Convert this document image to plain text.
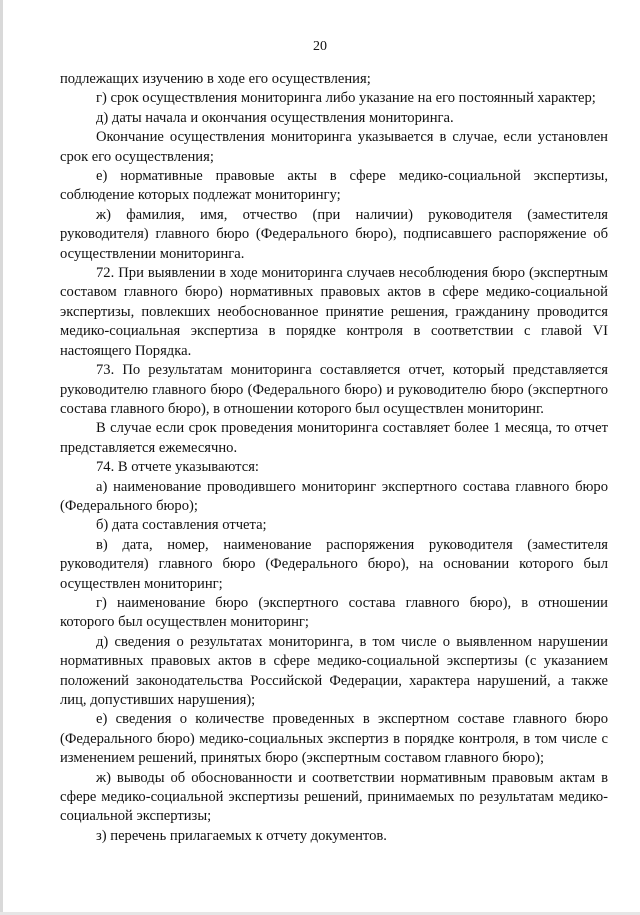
20

подлежащих изучению в ходе его осуществления;

г) срок осуществления мониторинга либо указание на его постоянный характер;

д) даты начала и окончания осуществления мониторинга.

Окончание осуществления мониторинга указывается в случае, если установлен срок его осуществления;

е) нормативные правовые акты в сфере медико-социальной экспертизы, соблюдение которых подлежат мониторингу;

ж) фамилия, имя, отчество (при наличии) руководителя (заместителя руководителя) главного бюро (Федерального бюро), подписавшего распоряжение об осуществлении мониторинга.

72. При выявлении в ходе мониторинга случаев несоблюдения бюро (экспертным составом главного бюро) нормативных правовых актов в сфере медико-социальной экспертизы, повлекших необоснованное принятие решения, гражданину проводится медико-социальная экспертиза в порядке контроля в соответствии с главой VI настоящего Порядка.

73. По результатам мониторинга составляется отчет, который представляется руководителю главного бюро (Федерального бюро) и руководителю бюро (экспертного состава главного бюро), в отношении которого был осуществлен мониторинг.

В случае если срок проведения мониторинга составляет более 1 месяца, то отчет представляется ежемесячно.

74. В отчете указываются:

а) наименование проводившего мониторинг экспертного состава главного бюро (Федерального бюро);

б) дата составления отчета;

в) дата, номер, наименование распоряжения руководителя (заместителя руководителя) главного бюро (Федерального бюро), на основании которого был осуществлен мониторинг;

г) наименование бюро (экспертного состава главного бюро), в отношении которого был осуществлен мониторинг;

д) сведения о результатах мониторинга, в том числе о выявленном нарушении нормативных правовых актов в сфере медико-социальной экспертизы (с указанием положений законодательства Российской Федерации, характера нарушений, а также лиц, допустивших нарушения);

е) сведения о количестве проведенных в экспертном составе главного бюро (Федерального бюро) медико-социальных экспертиз в порядке контроля, в том числе с изменением решений, принятых бюро (экспертным составом главного бюро);

ж) выводы об обоснованности и соответствии нормативным правовым актам в сфере медико-социальной экспертизы решений, принимаемых по результатам медико-социальной экспертизы;

з) перечень прилагаемых к отчету документов.
